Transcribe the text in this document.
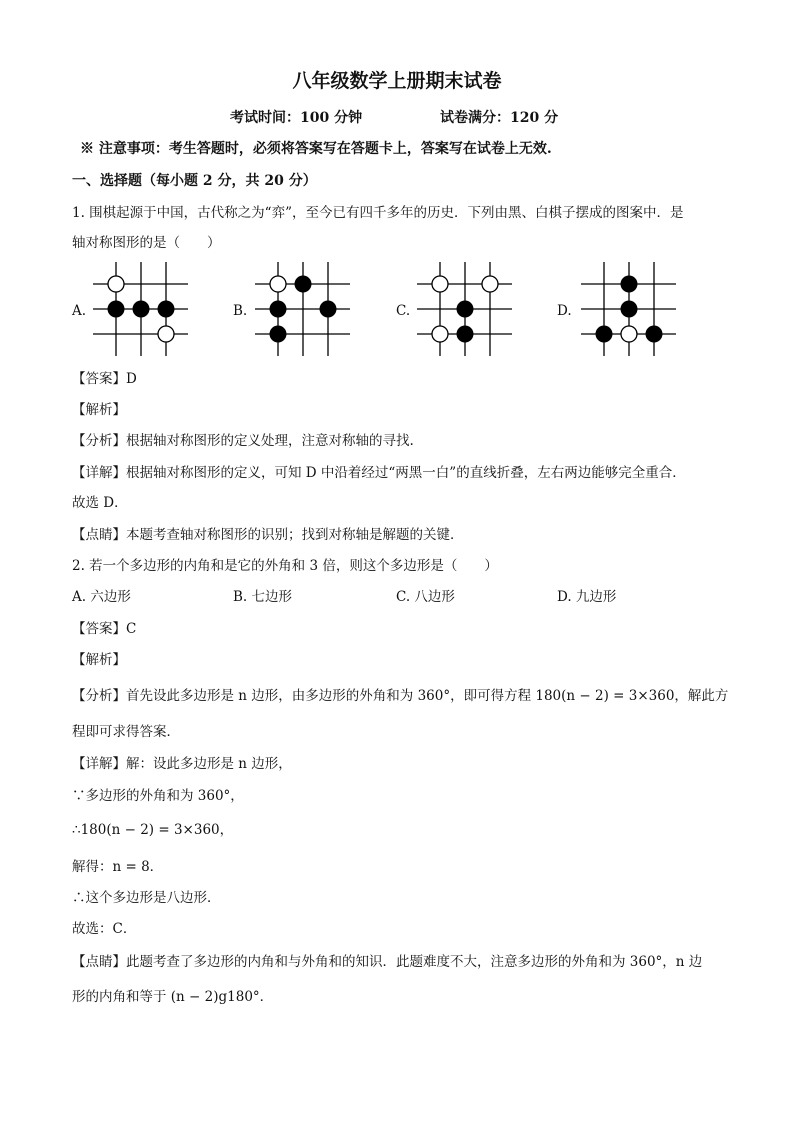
八年级数学上册期末试卷
考试时间：100 分钟	试卷满分：120 分
※ 注意事项：考生答题时，必须将答案写在答题卡上，答案写在试卷上无效.
一、选择题（每小题 2 分，共 20 分）
1. 围棋起源于中国，古代称之为“弈”，至今已有四千多年的历史．下列由黑、白棋子摆成的图案中．是
轴对称图形的是（　　）
A.	B.	C.	D.
【答案】D
【解析】
【分析】根据轴对称图形的定义处理，注意对称轴的寻找.
【详解】根据轴对称图形的定义，可知 D 中沿着经过“两黑一白”的直线折叠，左右两边能够完全重合．
故选 D．
【点睛】本题考查轴对称图形的识别；找到对称轴是解题的关键．
2. 若一个多边形的内角和是它的外角和 3 倍，则这个多边形是（　　）
A. 六边形	B. 七边形	C. 八边形	D. 九边形
【答案】C
【解析】
【分析】首先设此多边形是 n 边形，由多边形的外角和为 360°，即可得方程 180(n − 2) = 3×360，解此方
程即可求得答案．
【详解】解：设此多边形是 n 边形，
∵多边形的外角和为 360°，
∴180(n − 2) = 3×360，
解得：n = 8．
∴这个多边形是八边形．
故选：C．
【点睛】此题考查了多边形的内角和与外角和的知识．此题难度不大，注意多边形的外角和为 360°，n 边
形的内角和等于 (n − 2)g180°．
